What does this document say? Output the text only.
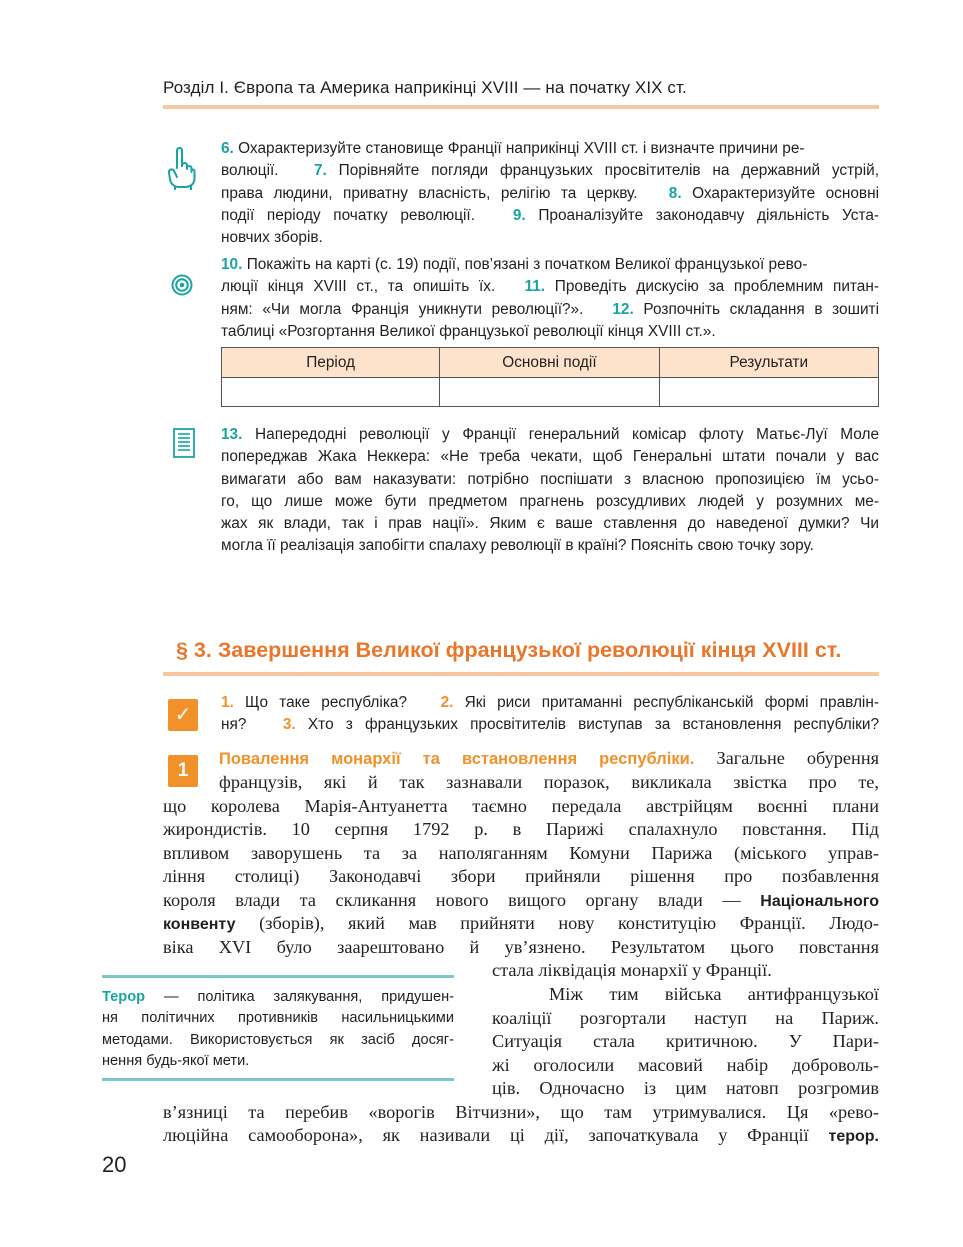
Розділ I. Європа та Америка наприкінці XVIII — на початку XIX ст.
6. Охарактеризуйте становище Франції наприкінці XVIII ст. і визначте причини ре-
волюції. 7. Порівняйте погляди французьких просвітителів на державний устрій,
права людини, приватну власність, релігію та церкву. 8. Охарактеризуйте основні
події періоду початку революції. 9. Проаналізуйте законодавчу діяльність Уста-
новчих зборів.
10. Покажіть на карті (с. 19) події, пов’язані з початком Великої французької рево-
люції кінця XVIII ст., та опишіть їх. 11. Проведіть дискусію за проблемним питан-
ням: «Чи могла Франція уникнути революції?». 12. Розпочніть складання в зошиті
таблиці «Розгортання Великої французької революції кінця XVIII ст.».
Період	Основні події	Результати

13. Напередодні революції у Франції генеральний комісар флоту Матьє-Луї Моле
попереджав Жака Неккера: «Не треба чекати, щоб Генеральні штати почали у вас
вимагати або вам наказувати: потрібно поспішати з власною пропозицією їм усьо-
го, що лише може бути предметом прагнень розсудливих людей у розумних ме-
жах як влади, так і прав нації». Яким є ваше ставлення до наведеної думки? Чи
могла її реалізація запобігти спалаху революції в країні? Поясніть свою точку зору.
§ 3. Завершення Великої французької революції кінця XVIII ст.
✓
1. Що таке республіка? 2. Які риси притаманні республіканській формі правлін-
ня? 3. Хто з французьких просвітителів виступав за встановлення республіки?
1
Повалення монархії та встановлення республіки. Загальне обурення
французів, які й так зазнавали поразок, викликала звістка про те,
що королева Марія-Антуанетта таємно передала австрійцям воєнні плани
жирондистів. 10 серпня 1792 р. в Парижі спалахнуло повстання. Під
впливом заворушень та за наполяганням Комуни Парижа (міського управ-
ління столиці) Законодавчі збори прийняли рішення про позбавлення
короля влади та скликання нового вищого органу влади — Національного
конвенту (зборів), який мав прийняти нову конституцію Франції. Людо-
віка XVI було заарештовано й ув’язнено. Результатом цього повстання
стала ліквідація монархії у Франції.
Між тим війська антифранцузької
коаліції розгортали наступ на Париж.
Ситуація стала критичною. У Пари-
жі оголосили масовий набір доброволь-
ців. Одночасно із цим натовп розгромив
в’язниці та перебив «ворогів Вітчизни», що там утримувалися. Ця «рево-
люційна самооборона», як називали ці дії, започаткувала у Франції терор.
Терор — політика залякування, придушен-
ня політичних противників насильницькими
методами. Використовується як засіб досяг-
нення будь-якої мети.
20
